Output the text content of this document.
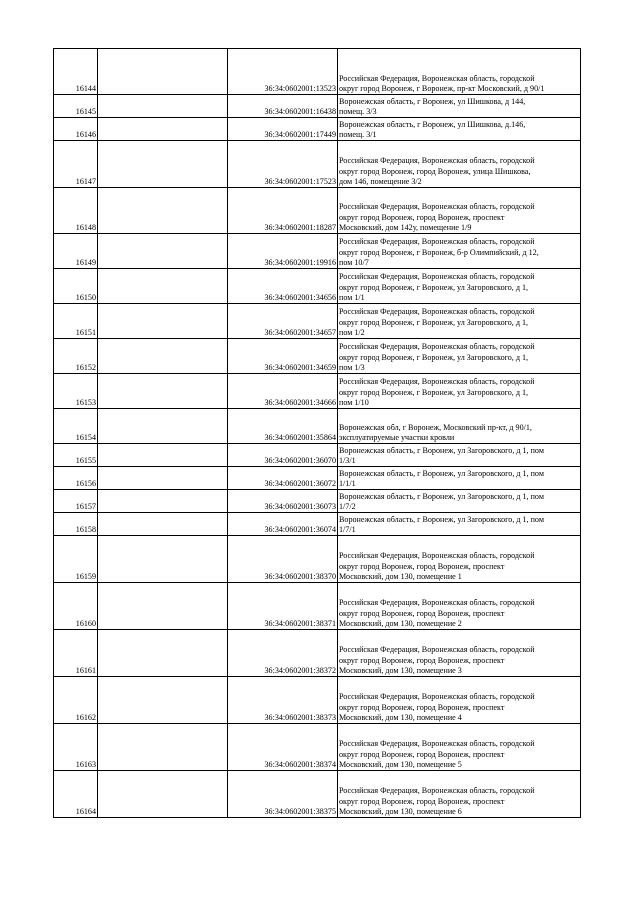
16144		36:34:0602001:13523	Российская Федерация, Воронежская область, городской
округ город Воронеж, г Воронеж, пр-кт Московский, д 90/1

16145		36:34:0602001:16438	Воронежская область, г Воронеж, ул Шишкова, д 144,
помещ. 3/3

16146		36:34:0602001:17449	Воронежская область, г Воронеж, ул Шишкова, д.146,
помещ. 3/1

16147		36:34:0602001:17523	Российская Федерация, Воронежская область, городской
округ город Воронеж, город Воронеж, улица Шишкова,
дом 146, помещение 3/2

16148		36:34:0602001:18287	Российская Федерация, Воронежская область, городской
округ город Воронеж, город Воронеж, проспект
Московский, дом 142у, помещение 1/9

16149		36:34:0602001:19916	Российская Федерация, Воронежская область, городской
округ город Воронеж, г Воронеж, б-р Олимпийский, д 12,
пом 10/7

16150		36:34:0602001:34656	Российская Федерация, Воронежская область, городской
округ город Воронеж, г Воронеж, ул Загоровского, д 1,
пом 1/1

16151		36:34:0602001:34657	Российская Федерация, Воронежская область, городской
округ город Воронеж, г Воронеж, ул Загоровского, д 1,
пом 1/2

16152		36:34:0602001:34659	Российская Федерация, Воронежская область, городской
округ город Воронеж, г Воронеж, ул Загоровского, д 1,
пом 1/3

16153		36:34:0602001:34666	Российская Федерация, Воронежская область, городской
округ город Воронеж, г Воронеж, ул Загоровского, д 1,
пом 1/10

16154		36:34:0602001:35864	Воронежская обл, г Воронеж, Московский пр-кт, д 90/1,
эксплуатируемые участки кровли

16155		36:34:0602001:36070	Воронежская область, г Воронеж, ул Загоровского, д 1, пом
1/3/1

16156		36:34:0602001:36072	Воронежская область, г Воронеж, ул Загоровского, д 1, пом
1/1/1

16157		36:34:0602001:36073	Воронежская область, г Воронеж, ул Загоровского, д 1, пом
1/7/2

16158		36:34:0602001:36074	Воронежская область, г Воронеж, ул Загоровского, д 1, пом
1/7/1

16159		36:34:0602001:38370	Российская Федерация, Воронежская область, городской
округ город Воронеж, город Воронеж, проспект
Московский, дом 130, помещение 1

16160		36:34:0602001:38371	Российская Федерация, Воронежская область, городской
округ город Воронеж, город Воронеж, проспект
Московский, дом 130, помещение 2

16161		36:34:0602001:38372	Российская Федерация, Воронежская область, городской
округ город Воронеж, город Воронеж, проспект
Московский, дом 130, помещение 3

16162		36:34:0602001:38373	Российская Федерация, Воронежская область, городской
округ город Воронеж, город Воронеж, проспект
Московский, дом 130, помещение 4

16163		36:34:0602001:38374	Российская Федерация, Воронежская область, городской
округ город Воронеж, город Воронеж, проспект
Московский, дом 130, помещение 5

16164		36:34:0602001:38375	Российская Федерация, Воронежская область, городской
округ город Воронеж, город Воронеж, проспект
Московский, дом 130, помещение 6
